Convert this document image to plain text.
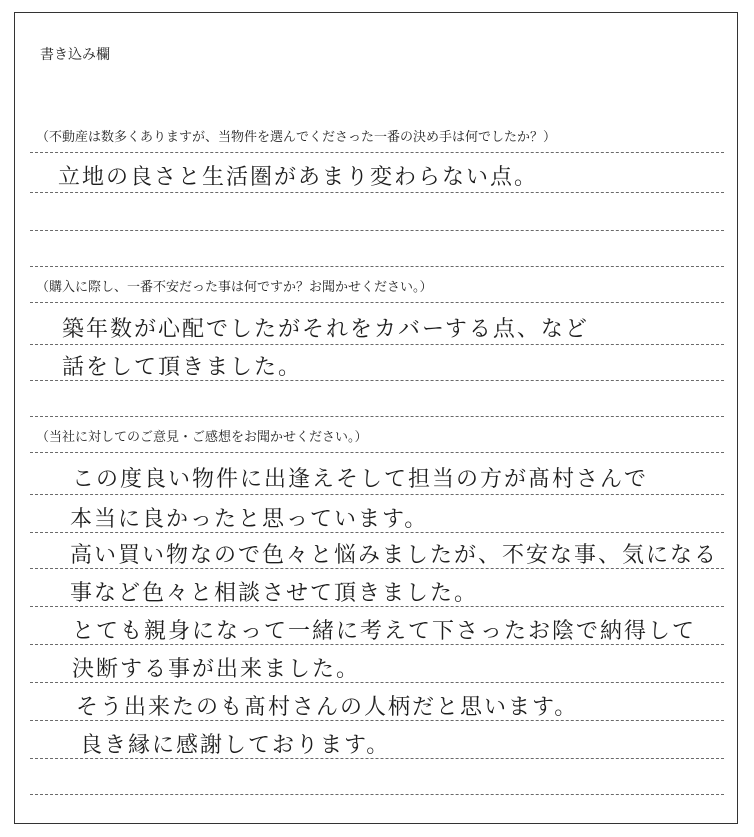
書き込み欄
（不動産は数多くありますが、当物件を選んでくださった一番の決め手は何でしたか？）
立地の良さと生活圏があまり変わらない点。
（購入に際し、一番不安だった事は何ですか？お聞かせください。）
築年数が心配でしたがそれをカバーする点、など
話をして頂きました。
（当社に対してのご意見・ご感想をお聞かせください。）
この度良い物件に出逢えそして担当の方が髙村さんで
本当に良かったと思っています。
高い買い物なので色々と悩みましたが、不安な事、気になる
事など色々と相談させて頂きました。
とても親身になって一緒に考えて下さったお陰で納得して
決断する事が出来ました。
そう出来たのも髙村さんの人柄だと思います。
良き縁に感謝しております。
